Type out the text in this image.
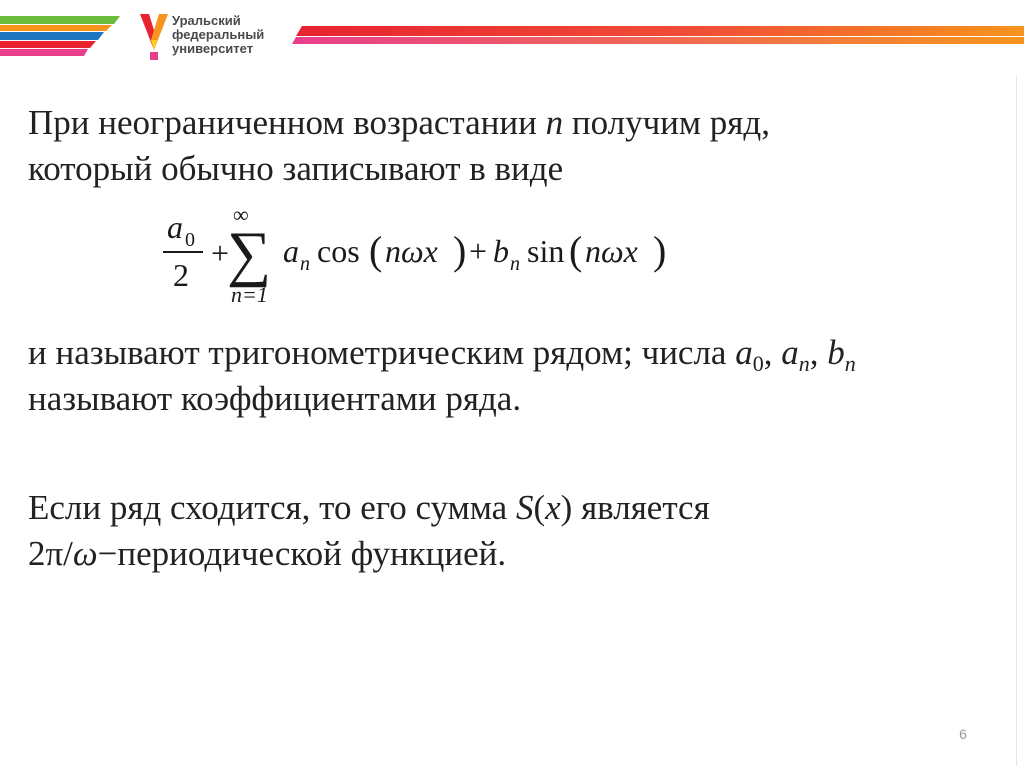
Уральский
федеральный
университет
При неограниченном возрастании n получим ряд,
который обычно записывают в виде
и называют тригонометрическим рядом; числа $a_0$, $a_n$, $b_n$
называют коэффициентами ряда.
Если ряд сходится, то его сумма S(x) является
2π/ω−периодической функцией.
a 0
2
+
∞
∑
n=1
a n cos ( nωx ) + b n sin ( nωx )
6
